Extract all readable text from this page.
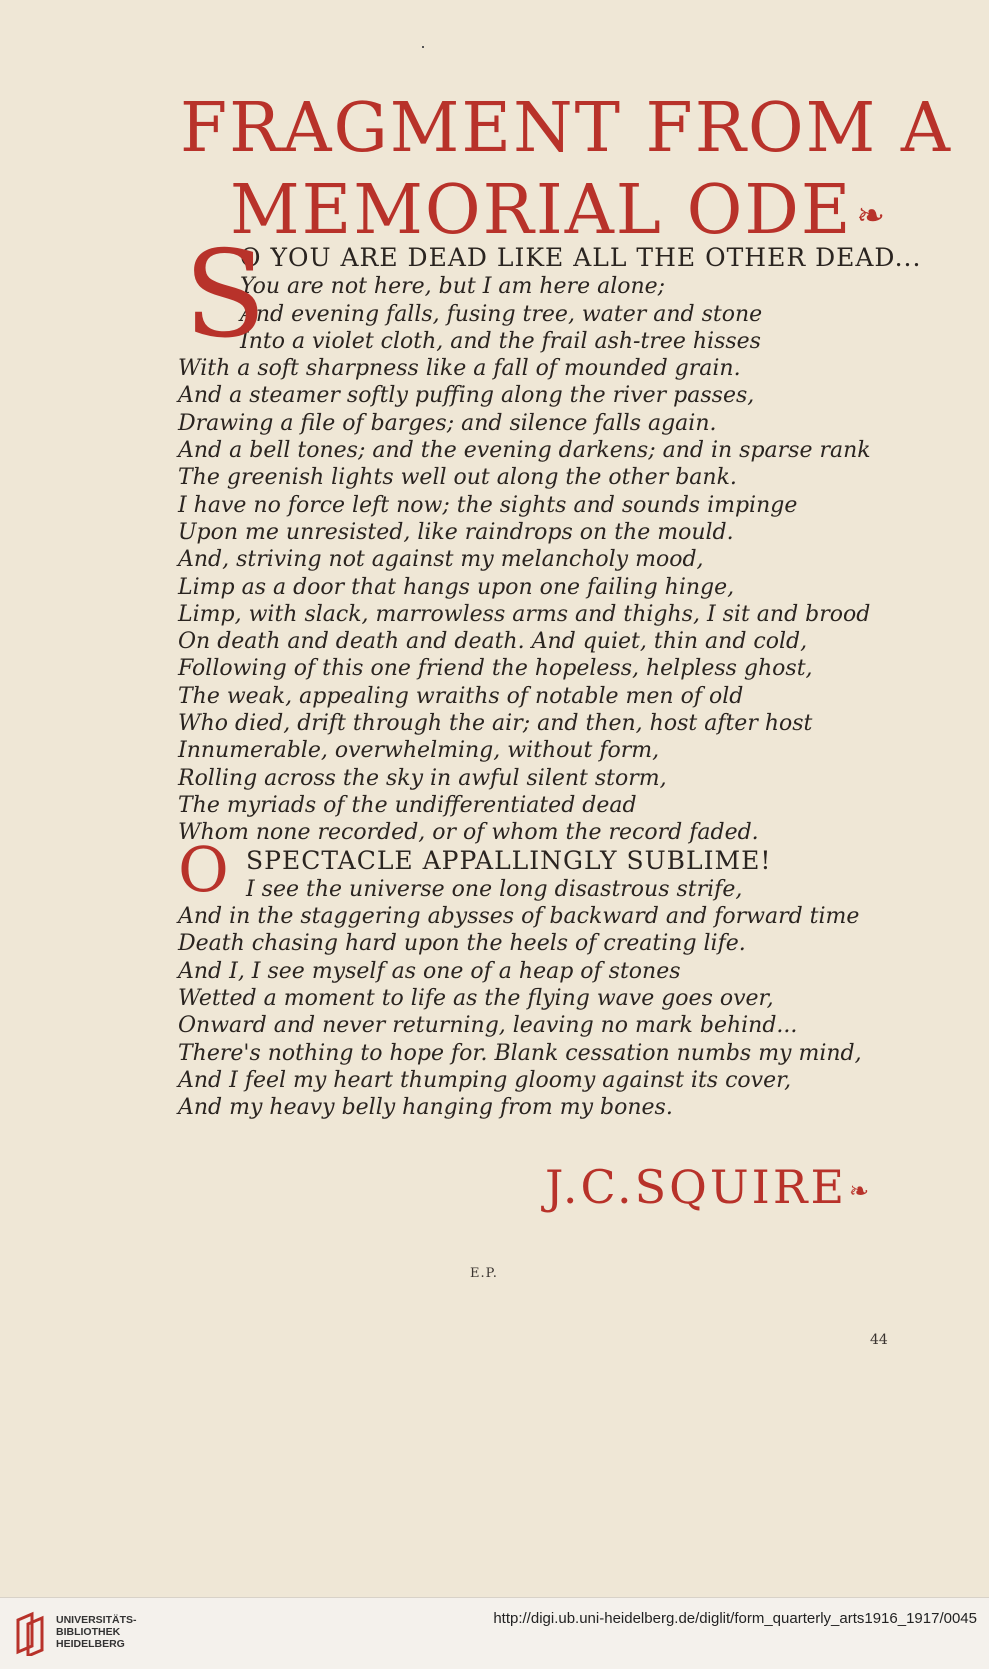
FRAGMENT FROM A
MEMORIAL ODE ❧
S
O YOU ARE DEAD LIKE ALL THE OTHER DEAD...
You are not here, but I am here alone;
And evening falls, fusing tree, water and stone
Into a violet cloth, and the frail ash-tree hisses
With a soft sharpness like a fall of mounded grain.
And a steamer softly puffing along the river passes,
Drawing a file of barges; and silence falls again.
And a bell tones; and the evening darkens; and in sparse rank
The greenish lights well out along the other bank.
I have no force left now; the sights and sounds impinge
Upon me unresisted, like raindrops on the mould.
And, striving not against my melancholy mood,
Limp as a door that hangs upon one failing hinge,
Limp, with slack, marrowless arms and thighs, I sit and brood
On death and death and death. And quiet, thin and cold,
Following of this one friend the hopeless, helpless ghost,
The weak, appealing wraiths of notable men of old
Who died, drift through the air; and then, host after host
Innumerable, overwhelming, without form,
Rolling across the sky in awful silent storm,
The myriads of the undifferentiated dead
Whom none recorded, or of whom the record faded.
O SPECTACLE APPALLINGLY SUBLIME!
I see the universe one long disastrous strife,
And in the staggering abysses of backward and forward time
Death chasing hard upon the heels of creating life.
And I, I see myself as one of a heap of stones
Wetted a moment to life as the flying wave goes over,
Onward and never returning, leaving no mark behind...
There's nothing to hope for. Blank cessation numbs my mind,
And I feel my heart thumping gloomy against its cover,
And my heavy belly hanging from my bones.
J.C.SQUIRE ❧
E.P.
44
UNIVERSITÄTS-
BIBLIOTHEK
HEIDELBERG
http://digi.ub.uni-heidelberg.de/diglit/form_quarterly_arts1916_1917/0045
